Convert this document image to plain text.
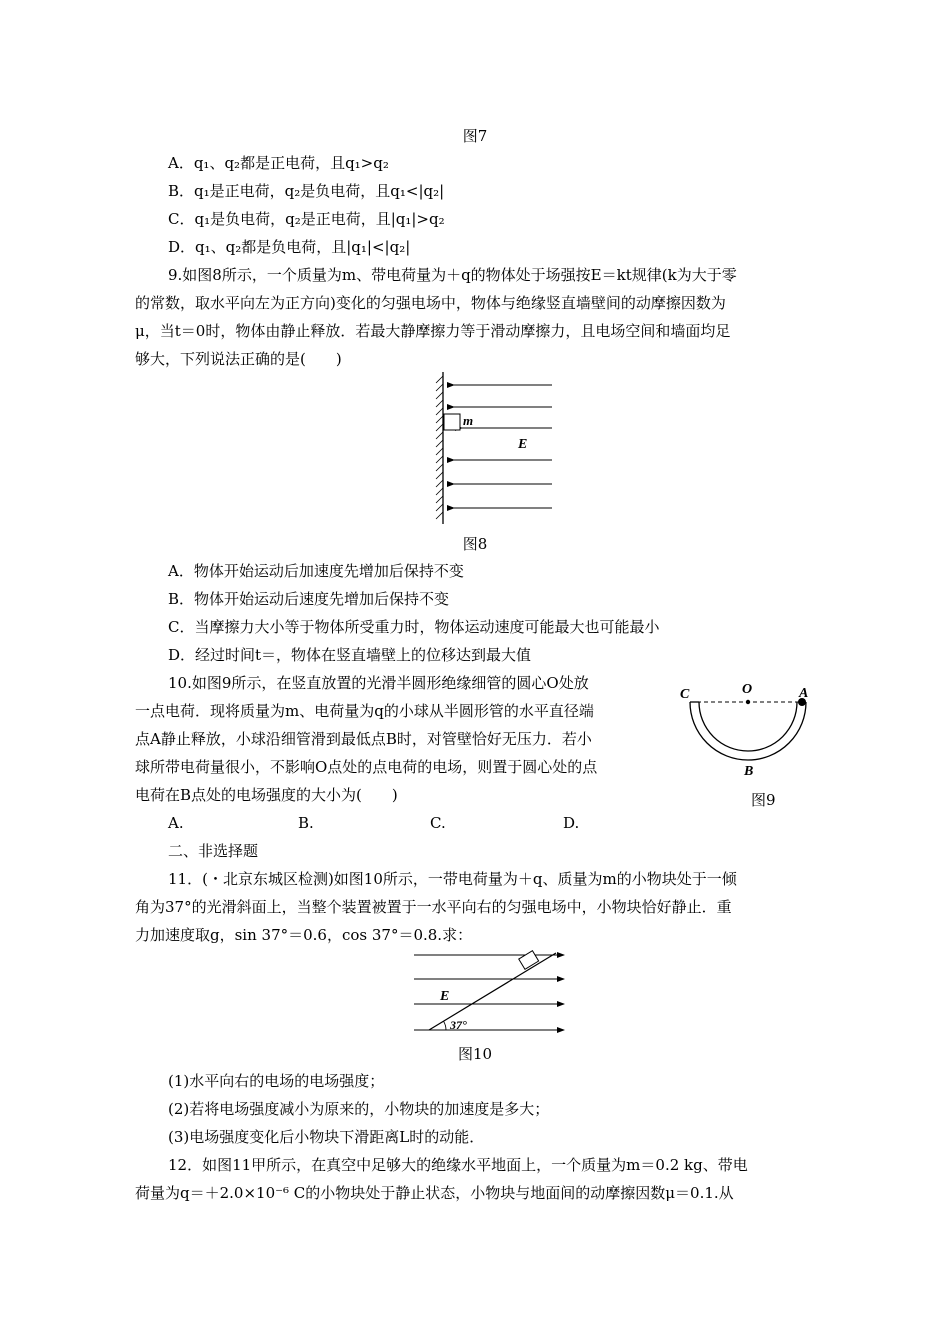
图7
A．q₁、q₂都是正电荷，且q₁>q₂
B．q₁是正电荷，q₂是负电荷，且q₁<|q₂|
C．q₁是负电荷，q₂是正电荷，且|q₁|>q₂
D．q₁、q₂都是负电荷，且|q₁|<|q₂|
9.如图8所示，一个质量为m、带电荷量为＋q的物体处于场强按E＝kt规律(k为大于零
的常数，取水平向左为正方向)变化的匀强电场中，物体与绝缘竖直墙壁间的动摩擦因数为
μ，当t＝0时，物体由静止释放．若最大静摩擦力等于滑动摩擦力，且电场空间和墙面均足
够大，下列说法正确的是(　　)
m
E
图8
A．物体开始运动后加速度先增加后保持不变
B．物体开始运动后速度先增加后保持不变
C．当摩擦力大小等于物体所受重力时，物体运动速度可能最大也可能最小
D．经过时间t＝，物体在竖直墙壁上的位移达到最大值
10.如图9所示，在竖直放置的光滑半圆形绝缘细管的圆心O处放
一点电荷．现将质量为m、电荷量为q的小球从半圆形管的水平直径端
点A静止释放，小球沿细管滑到最低点B时，对管壁恰好无压力．若小
球所带电荷量很小，不影响O点处的点电荷的电场，则置于圆心处的点
电荷在B点处的电场强度的大小为(　　)
C	O	A
B
图9
A.	B.	C.	D.
二、非选择题
11．(・北京东城区检测)如图10所示，一带电荷量为＋q、质量为m的小物块处于一倾
角为37°的光滑斜面上，当整个装置被置于一水平向右的匀强电场中，小物块恰好静止．重
力加速度取g，sin 37°＝0.6，cos 37°＝0.8.求：
E
37°
图10
(1)水平向右的电场的电场强度；
(2)若将电场强度减小为原来的，小物块的加速度是多大；
(3)电场强度变化后小物块下滑距离L时的动能．
12．如图11甲所示，在真空中足够大的绝缘水平地面上，一个质量为m＝0.2 kg、带电
荷量为q＝＋2.0×10⁻⁶ C的小物块处于静止状态，小物块与地面间的动摩擦因数μ＝0.1.从
